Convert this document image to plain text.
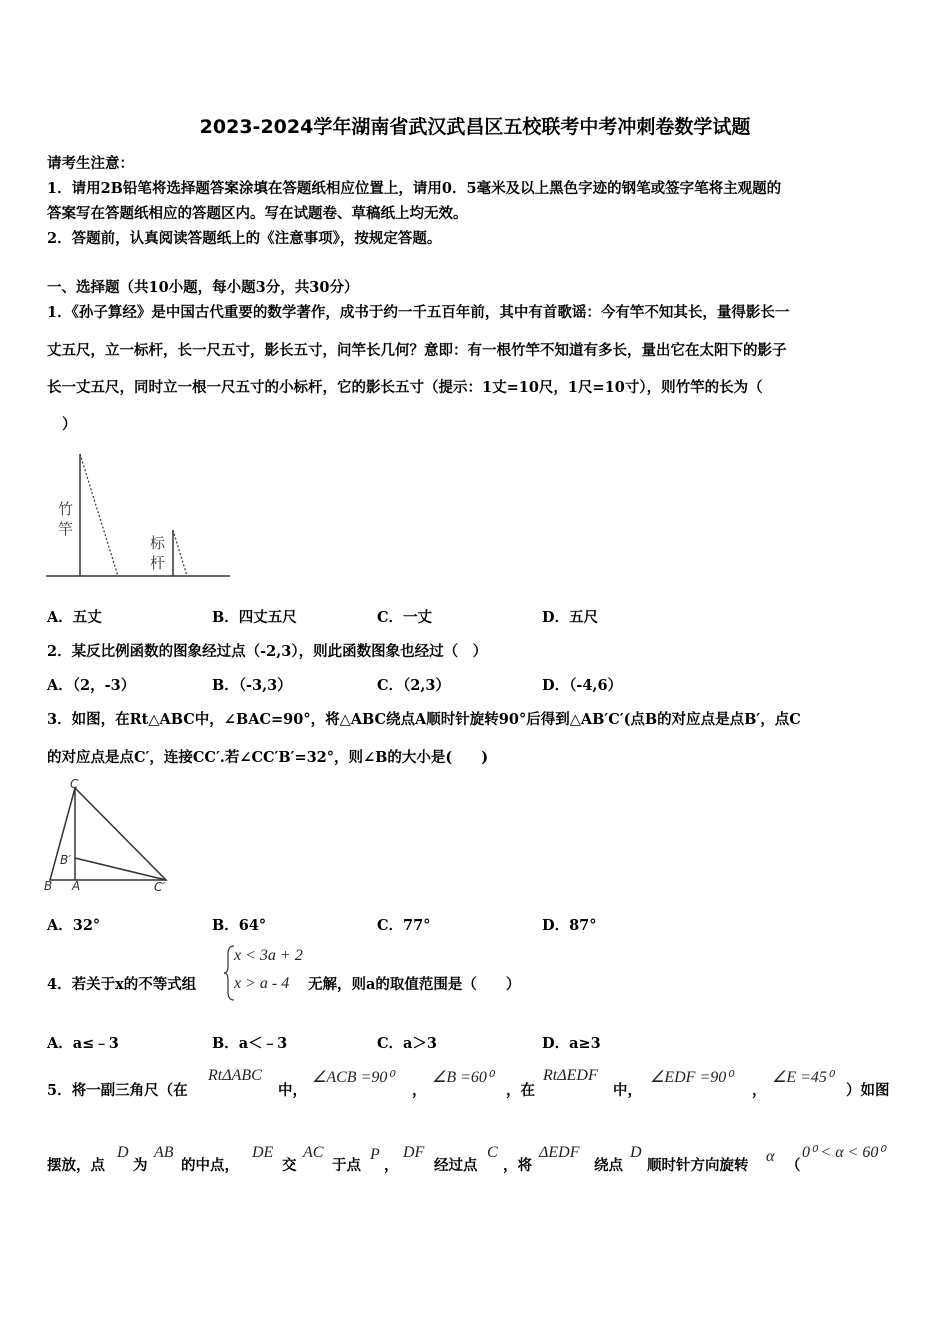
2023-2024学年湖南省武汉武昌区五校联考中考冲刺卷数学试题
请考生注意：
1．请用2B铅笔将选择题答案涂填在答题纸相应位置上，请用0．5毫米及以上黑色字迹的钢笔或签字笔将主观题的
答案写在答题纸相应的答题区内。写在试题卷、草稿纸上均无效。
2．答题前，认真阅读答题纸上的《注意事项》，按规定答题。
一、选择题（共10小题，每小题3分，共30分）
1．《孙子算经》是中国古代重要的数学著作，成书于约一千五百年前，其中有首歌谣：今有竿不知其长，量得影长一
丈五尺，立一标杆，长一尺五寸，影长五寸，问竿长几何？意即：有一根竹竿不知道有多长，量出它在太阳下的影子
长一丈五尺，同时立一根一尺五寸的小标杆，它的影长五寸（提示：1丈=10尺，1尺=10寸），则竹竿的长为（
）
竹
竿
标
杆
A．五丈	B．四丈五尺	C．一丈	D．五尺
2．某反比例函数的图象经过点（-2,3），则此函数图象也经过（　）
A．（2，-3）	B．（-3,3）	C．（2,3）	D．（-4,6）
3．如图，在Rt△ABC中，∠BAC=90°，将△ABC绕点A顺时针旋转90°后得到△AB′C′(点B的对应点是点B′，点C
的对应点是点C′，连接CC′.若∠CC′B′=32°，则∠B的大小是(　　)
C
B′
B A	C′
A．32°	B．64°	C．77°	D．87°
4．若关于x的不等式组
x < 3a + 2
x > a - 4 无解，则a的取值范围是（　　）
A．a≤﹣3	B．a＜﹣3	C．a＞3	D．a≥3
5．将一副三角尺（在
RtΔABC
中，
∠ACB =90⁰
，
∠B =60⁰
，在
RtΔEDF
中，
∠EDF =90⁰
，
∠E =45⁰
）如图
摆放，点
D
为
AB
的中点，
DE
交
AC
于点
P
，
DF
经过点
C
，将
ΔEDF
绕点
D
顺时针方向旋转
α
（
0⁰ < α < 60⁰
